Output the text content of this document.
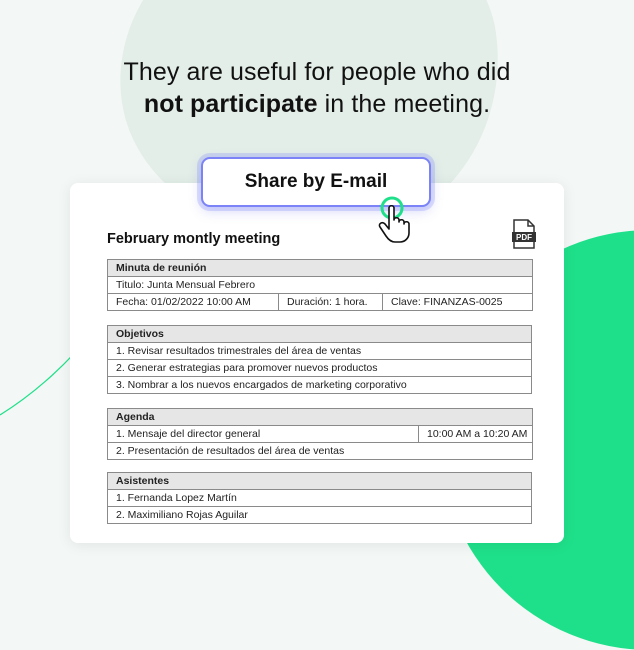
They are useful for people who did
not participate in the meeting.
February montly meeting	PDF
Minuta de reunión
Titulo: Junta Mensual Febrero
Fecha: 01/02/2022 10:00 AM	Duración: 1 hora.	Clave: FINANZAS-0025
Objetivos
1. Revisar resultados trimestrales del área de ventas
2. Generar estrategias para promover nuevos productos
3. Nombrar a los nuevos encargados de marketing corporativo
Agenda
1. Mensaje del director general	10:00 AM a 10:20 AM
2. Presentación de resultados del área de ventas
Asistentes
1. Fernanda Lopez Martín
2. Maximiliano Rojas Aguilar
Share by E-mail
